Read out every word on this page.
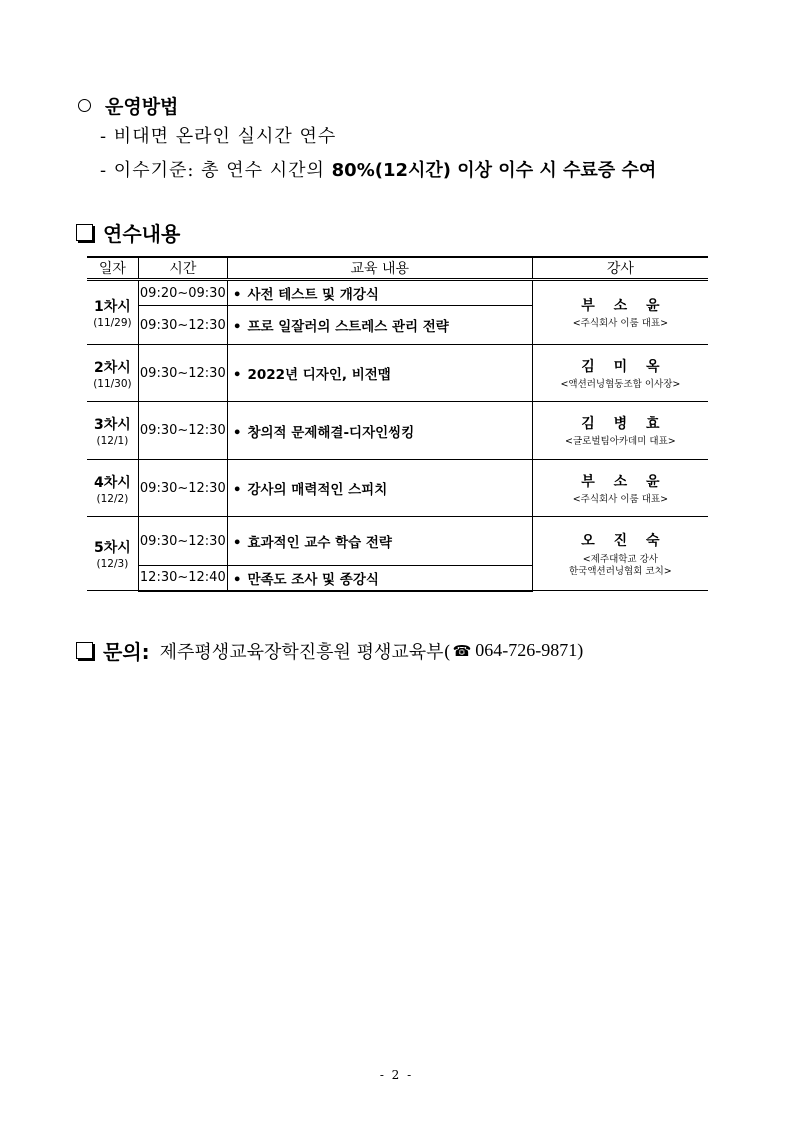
운영방법
- 비대면 온라인 실시간 연수
- 이수기준: 총 연수 시간의 80%(12시간) 이상 이수 시 수료증 수여
연수내용
일자	시간	교육 내용	강사

1차시
(11/29)	09:20~09:30	• 사전 테스트 및 개강식	부 소 윤
<주식회사 이룸 대표>

	09:30~12:30	• 프로 일잘러의 스트레스 관리 전략	

2차시
(11/30)	09:30~12:30	• 2022년 디자인, 비전맵	김 미 옥
<액션러닝협동조합 이사장>

3차시
(12/1)	09:30~12:30	• 창의적 문제해결-디자인씽킹	김 병 효
<글로벌팀아카데미 대표>

4차시
(12/2)	09:30~12:30	• 강사의 매력적인 스피치	부 소 윤
<주식회사 이룸 대표>

5차시
(12/3)	09:30~12:30	• 효과적인 교수 학습 전략	오 진 숙
<제주대학교 강사
한국액션러닝협회 코치>

	12:30~12:40	• 만족도 조사 및 종강식	
문의: 제주평생교육장학진흥원 평생교육부( ☎ 064-726-9871)
- 2 -
